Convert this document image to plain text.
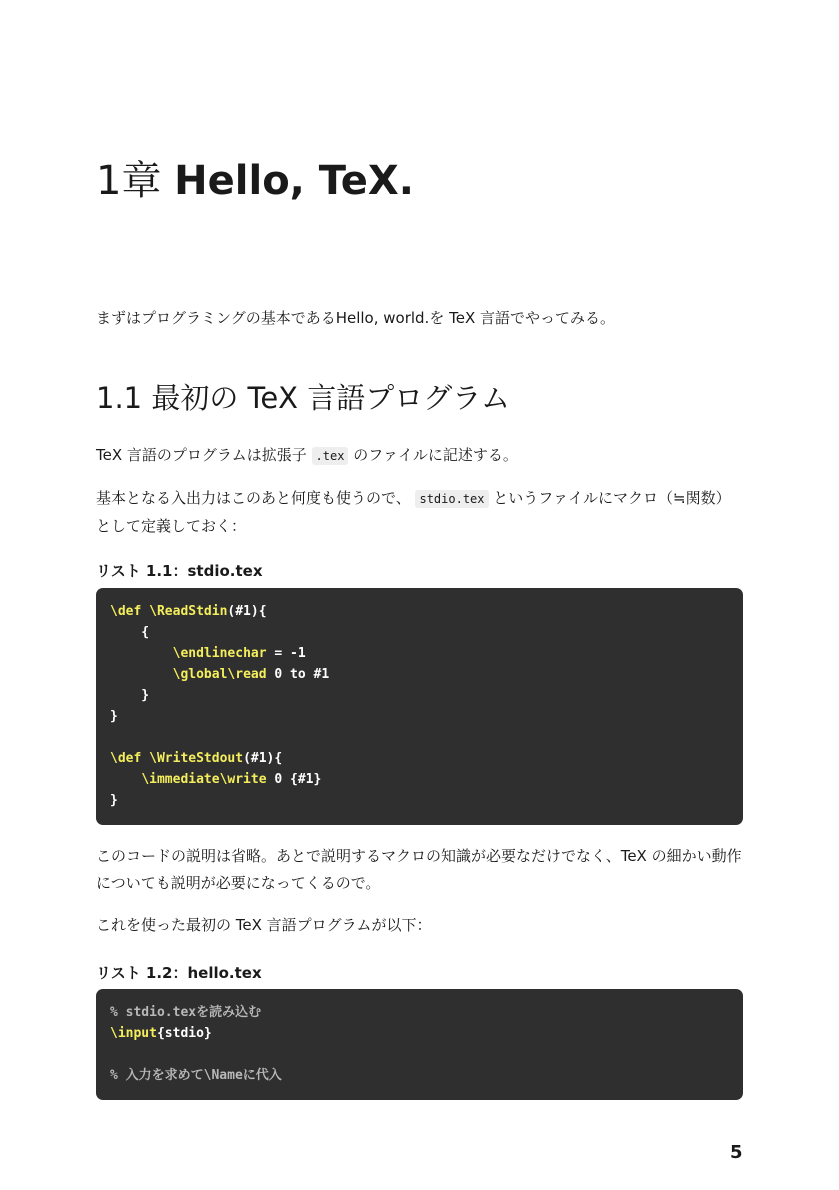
1章 Hello, TeX.

まずはプログラミングの基本であるHello, world.を TeX 言語でやってみる。

1.1 最初の TeX 言語プログラム

TeX 言語のプログラムは拡張子 .tex のファイルに記述する。

基本となる入出力はこのあと何度も使うので、 stdio.tex というファイルにマクロ（≒関数）として定義しておく：

リスト 1.1：stdio.tex

\def \ReadStdin(#1){
{
\endlinechar = -1
\global\read 0 to #1
}
}
\def \WriteStdout(#1){
\immediate\write 0 {#1}
}

このコードの説明は省略。あとで説明するマクロの知識が必要なだけでなく、TeX の細かい動作についても説明が必要になってくるので。

これを使った最初の TeX 言語プログラムが以下：

リスト 1.2：hello.tex

% stdio.texを読み込む
\input{stdio}
% 入力を求めて\Nameに代入

5
